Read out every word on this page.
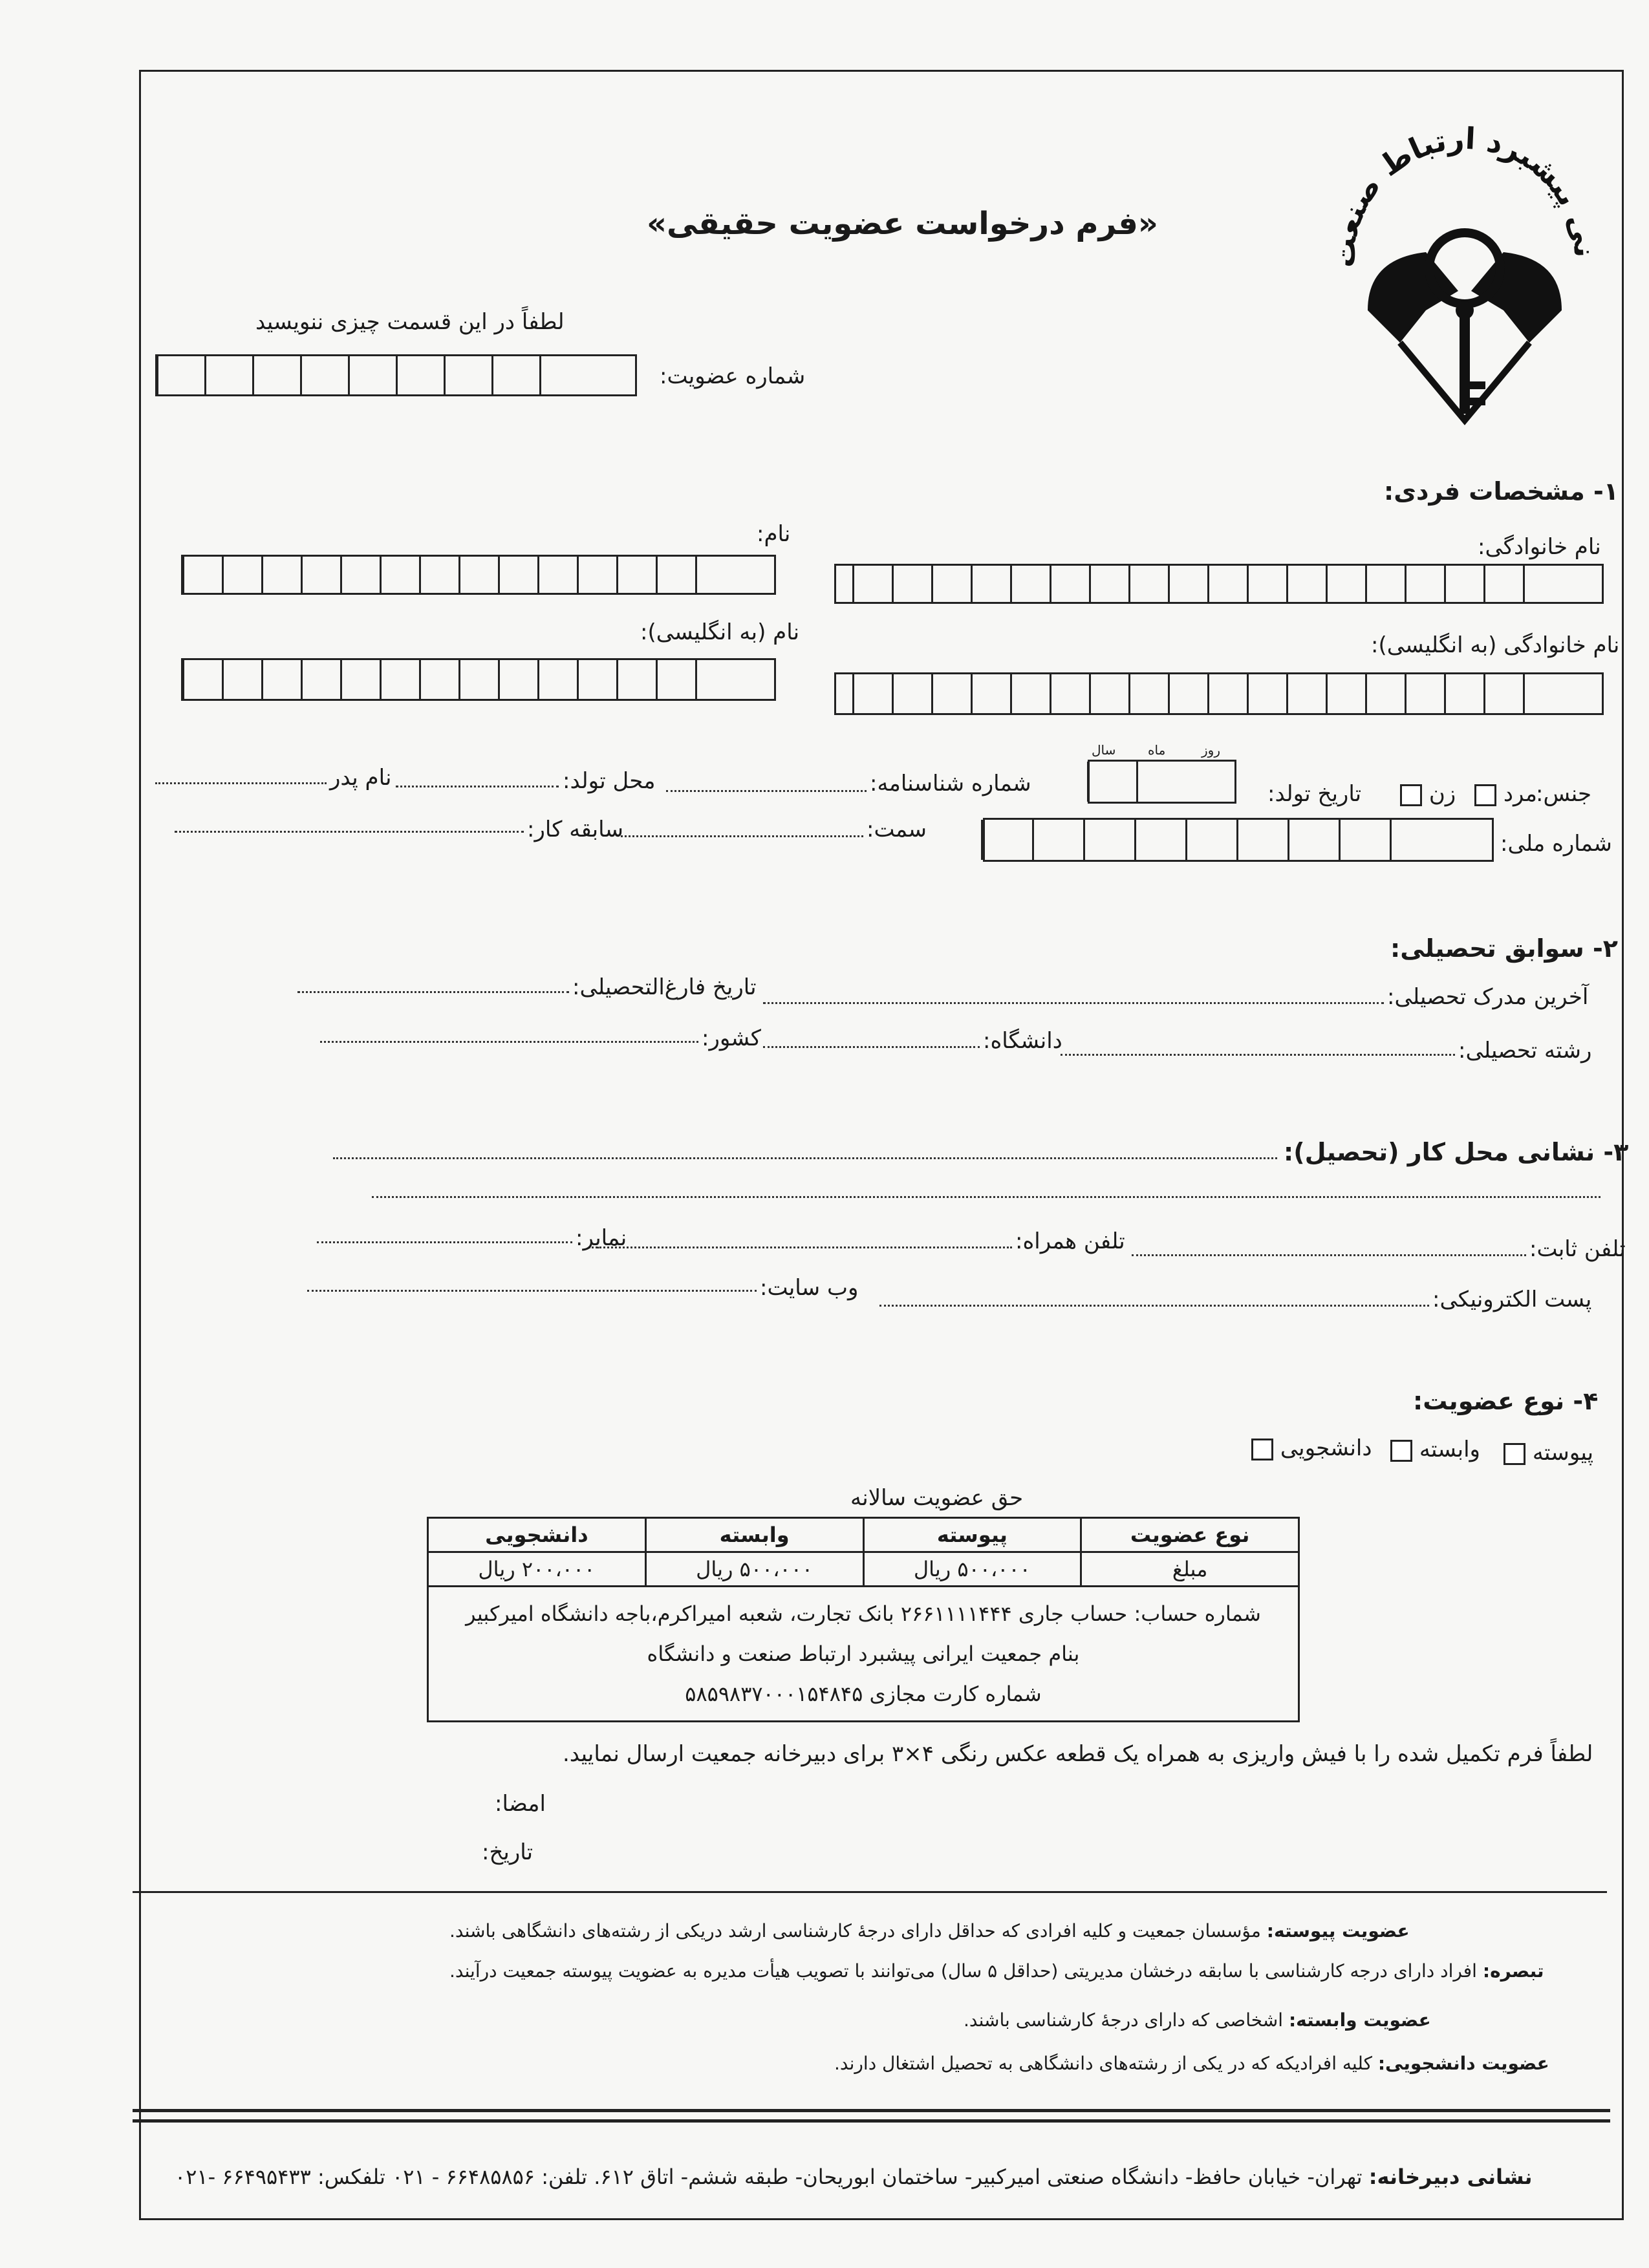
نی پیشبرد ارتباط صنعت
«فرم درخواست عضویت حقیقی»
لطفاً در این قسمت چیزی ننویسید
شماره عضویت:
۱- مشخصات فردی:
نام خانوادگی:
نام:
نام خانوادگی (به انگلیسی):
نام (به انگلیسی):
جنس:
مرد
زن
تاریخ تولد:
روز
ماه
سال
شماره شناسنامه:
محل تولد:
نام پدر
شماره ملی:
سمت:
سابقه کار:
۲- سوابق تحصیلی:
آخرین مدرک تحصیلی:
تاریخ فارغ‌التحصیلی:
رشته تحصیلی:
دانشگاه:
کشور:
۳- نشانی محل کار (تحصیل):
تلفن ثابت:
تلفن همراه:
نمابر:
پست الکترونیکی:
وب سایت:
۴- نوع عضویت:
پیوسته
وابسته
دانشجویی
حق عضویت سالانه
نوع عضویت	پیوسته	وابسته	دانشجویی
مبلغ	۵۰۰،۰۰۰ ریال	۵۰۰،۰۰۰ ریال	۲۰۰،۰۰۰ ریال

شماره حساب: حساب جاری ۲۶۶۱۱۱۱۴۴۴ بانک تجارت، شعبه امیراکرم،باجه دانشگاه امیرکبیر
بنام جمعیت ایرانی پیشبرد ارتباط صنعت و دانشگاه
شماره کارت مجازی ۵۸۵۹۸۳۷۰۰۰۱۵۴۸۴۵			
لطفاً فرم تکمیل شده را با فیش واریزی به همراه یک قطعه عکس رنگی ۴×۳ برای دبیرخانه جمعیت ارسال نمایید.
امضا:
تاریخ:
عضویت پیوسته: مؤسسان جمعیت و کلیه افرادی که حداقل دارای درجهٔ کارشناسی ارشد دریکی از رشته‌های دانشگاهی باشند.
تبصره: افراد دارای درجه کارشناسی با سابقه درخشان مدیریتی (حداقل ۵ سال) می‌توانند با تصویب هیأت مدیره به عضویت پیوسته جمعیت درآیند.
عضویت وابسته: اشخاصی که دارای درجهٔ کارشناسی باشند.
عضویت دانشجویی: کلیه افرادیکه که در یکی از رشته‌های دانشگاهی به تحصیل اشتغال دارند.
نشانی دبیرخانه: تهران- خیابان حافظ- دانشگاه صنعتی امیرکبیر- ساختمان ابوریحان- طبقه ششم- اتاق ۶۱۲. تلفن: ۶۶۴۸۵۸۵۶ - ۰۲۱ تلفکس: ۶۶۴۹۵۴۳۳ -۰۲۱
